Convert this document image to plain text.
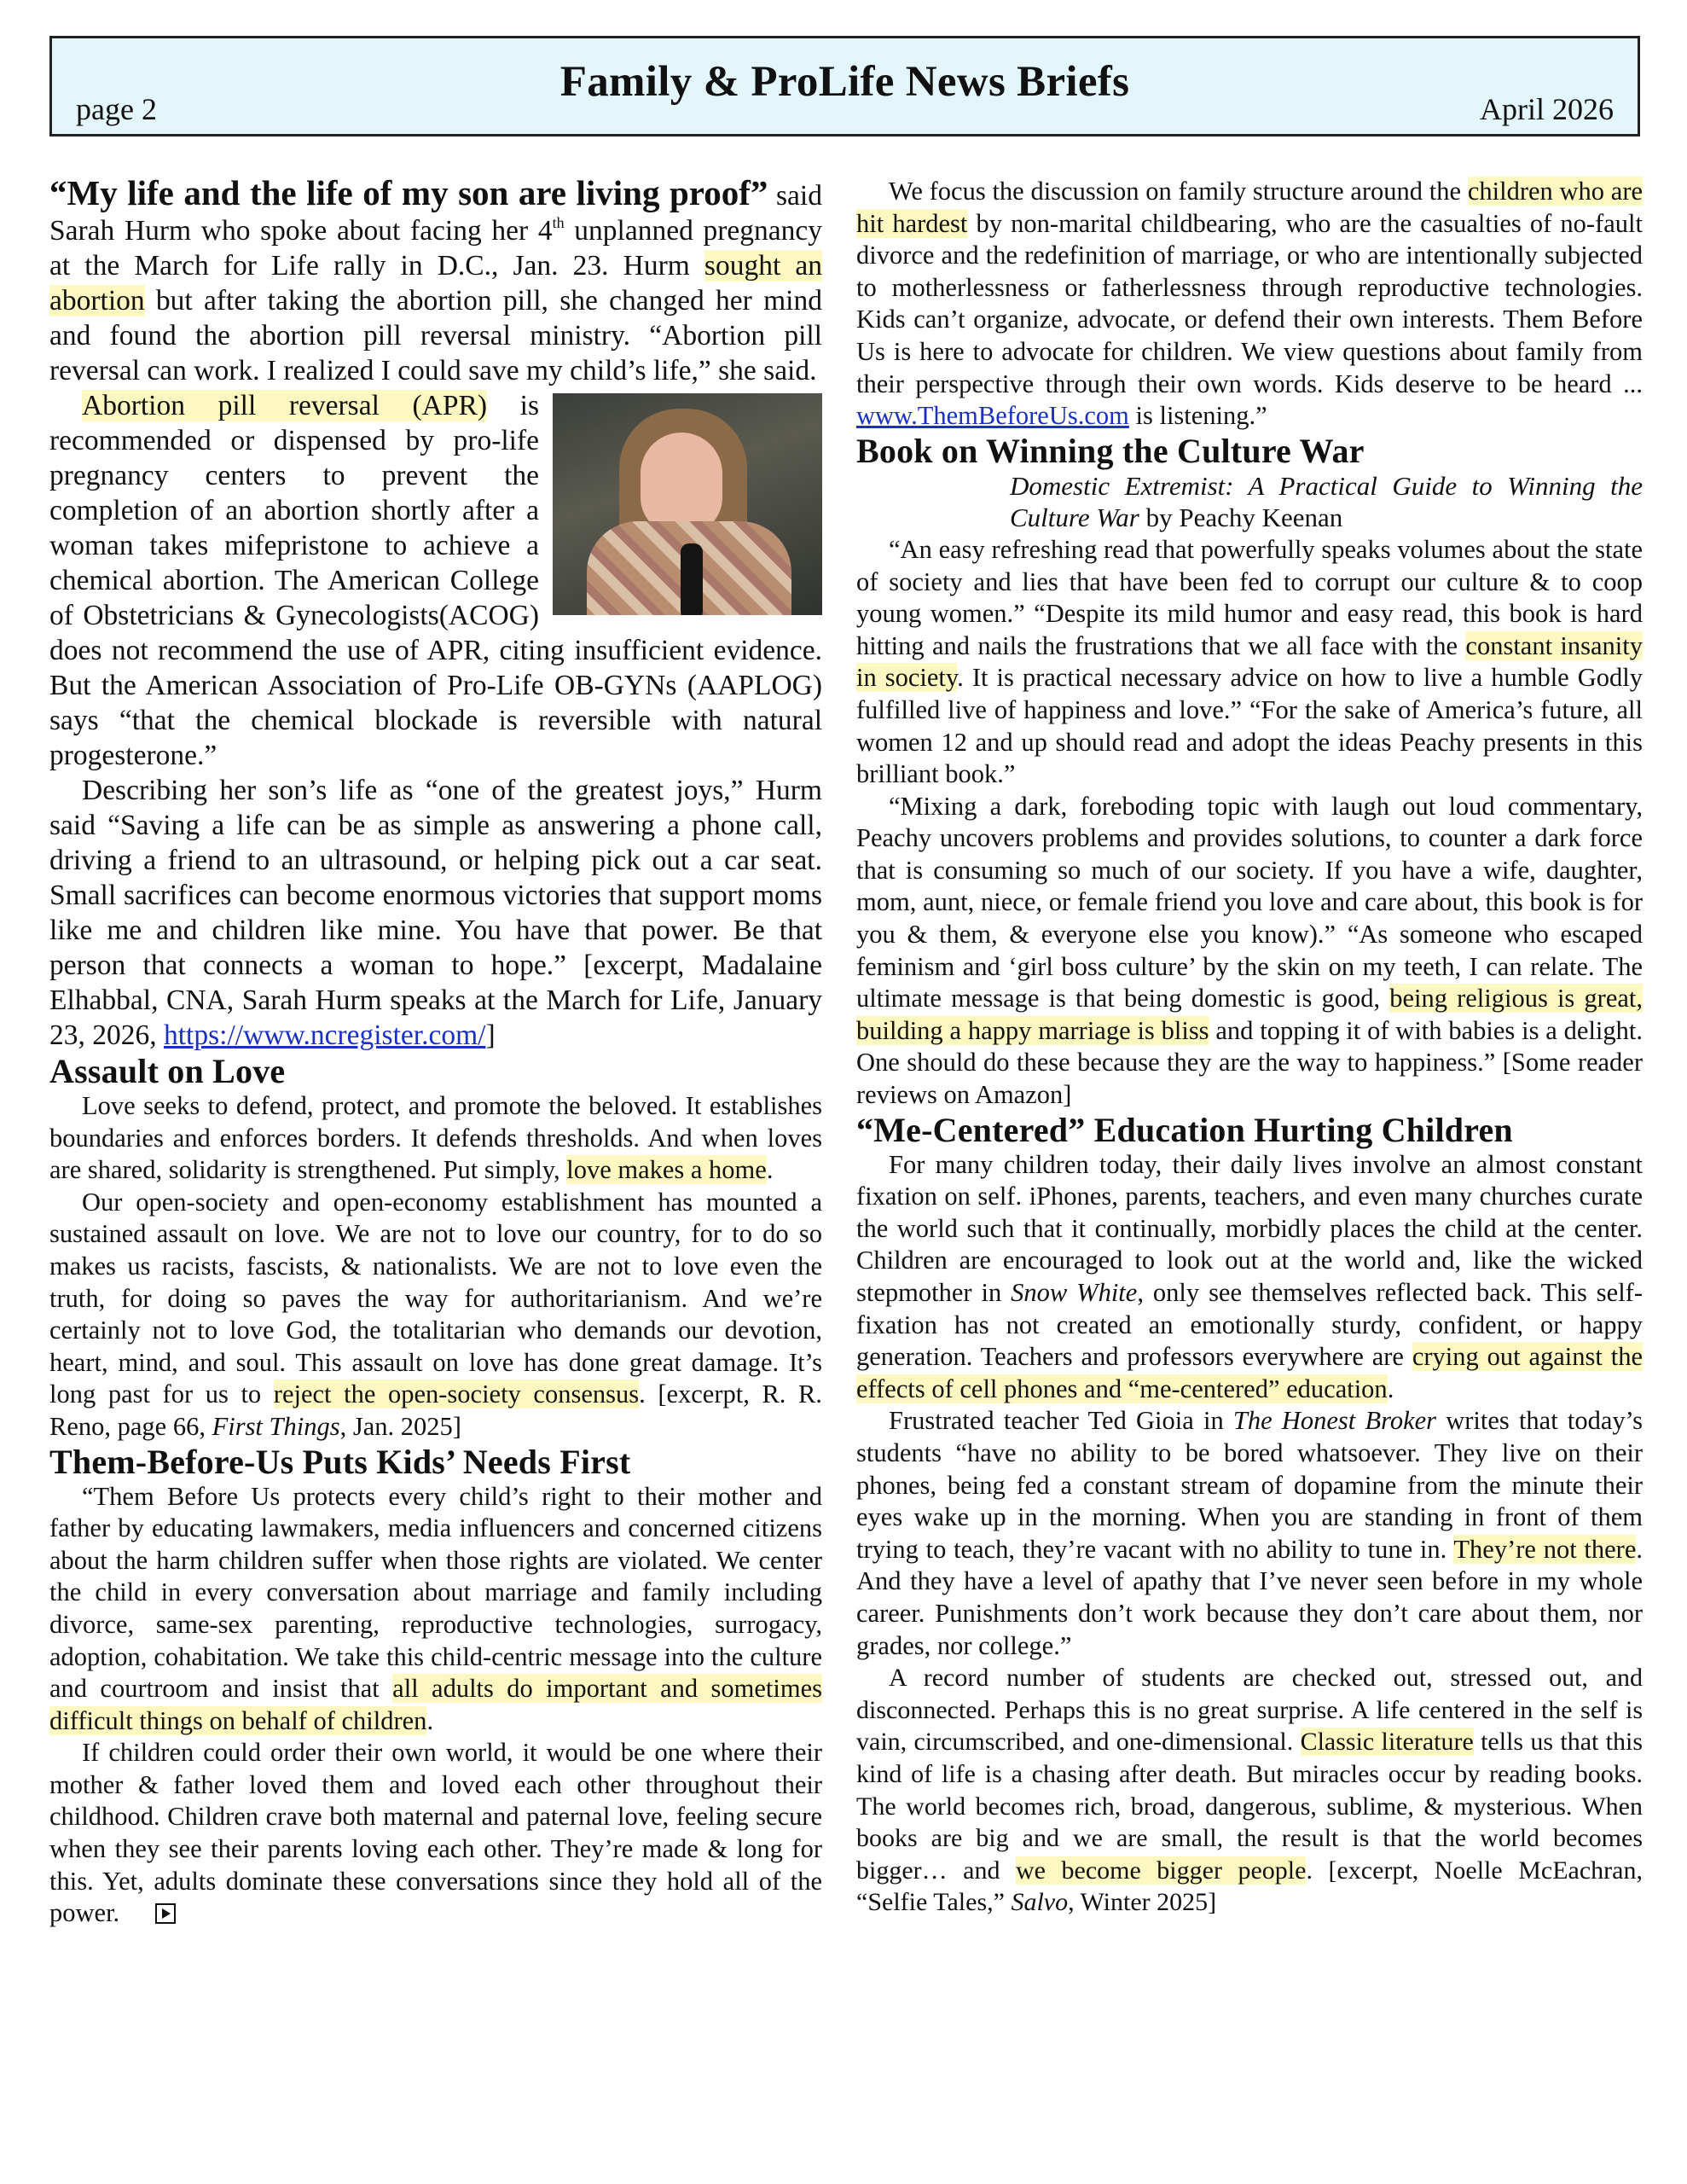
Family & ProLife News Briefs
page 2	April 2026

“My life and the life of my son are living proof” said Sarah Hurm who spoke about facing her 4th unplanned pregnancy at the March for Life rally in D.C., Jan. 23. Hurm sought an abortion but after taking the abortion pill, she changed her mind and found the abortion pill reversal ministry. “Abortion pill reversal can work. I realized I could save my child’s life,” she said.

Abortion pill reversal (APR)
is recommended or dispensed by pro-life pregnancy centers to prevent the completion of an abortion shortly after a woman takes mifepristone to achieve a chemical abortion. The American College of Obstetricians & Gynecologists(ACOG) does not recommend the use of APR, citing insufficient evidence. But the American Association of Pro-Life OB-GYNs (AAPLOG) says “that the chemical blockade is reversible with natural progesterone.”

Describing her son’s life as “one of the greatest joys,” Hurm said “Saving a life can be as simple as answering a phone call, driving a friend to an ultrasound, or helping pick out a car seat. Small sacrifices can become enormous victories that support moms like me and children like mine. You have that power. Be that person that connects a woman to hope.” [excerpt, Madalaine Elhabbal, CNA, Sarah Hurm speaks at the March for Life, January 23, 2026, https://www.ncregister.com/]

Assault on Love

Love seeks to defend, protect, and promote the beloved. It establishes boundaries and enforces borders. It defends thresholds. And when loves are shared, solidarity is strengthened. Put simply, love makes a home.

Our open-society and open-economy establishment has mounted a sustained assault on love. We are not to love our country, for to do so makes us racists, fascists, & nationalists. We are not to love even the truth, for doing so paves the way for authoritarianism. And we’re certainly not to love God, the totalitarian who demands our devotion, heart, mind, and soul. This assault on love has done great damage. It’s long past for us to reject the open-society consensus. [excerpt, R. R. Reno, page 66, First Things, Jan. 2025]

Them-Before-Us Puts Kids’ Needs First

“Them Before Us protects every child’s right to their mother and father by educating lawmakers, media influencers and concerned citizens about the harm children suffer when those rights are violated. We center the child in every conversation about marriage and family including divorce, same-sex parenting, reproductive technologies, surrogacy, adoption, cohabitation. We take this child-centric message into the culture and courtroom and insist that all adults do important and sometimes difficult things on behalf of children.

If children could order their own world, it would be one where their mother & father loved them and loved each other throughout their childhood. Children crave both maternal and paternal love, feeling secure when they see their parents loving each other. They’re made & long for this. Yet, adults dominate these conversations since they hold all of the power.

We focus the discussion on family structure around the children who are hit hardest by non-marital childbearing, who are the casualties of no-fault divorce and the redefinition of marriage, or who are intentionally subjected to motherlessness or fatherlessness through reproductive technologies. Kids can’t organize, advocate, or defend their own interests. Them Before Us is here to advocate for children. We view questions about family from their perspective through their own words. Kids deserve to be heard ... www.ThemBeforeUs.com is listening.”

Book on Winning the Culture War

Domestic Extremist: A Practical Guide to Winning the Culture War by Peachy Keenan

“An easy refreshing read that powerfully speaks volumes about the state of society and lies that have been fed to corrupt our culture & to coop young women.” “Despite its mild humor and easy read, this book is hard hitting and nails the frustrations that we all face with the constant insanity in society. It is practical necessary advice on how to live a humble Godly fulfilled live of happiness and love.” “For the sake of America’s future, all women 12 and up should read and adopt the ideas Peachy presents in this brilliant book.”

“Mixing a dark, foreboding topic with laugh out loud commentary, Peachy uncovers problems and provides solutions, to counter a dark force that is consuming so much of our society. If you have a wife, daughter, mom, aunt, niece, or female friend you love and care about, this book is for you & them, & everyone else you know).” “As someone who escaped feminism and ‘girl boss culture’ by the skin on my teeth, I can relate. The ultimate message is that being domestic is good, being religious is great, building a happy marriage is bliss and topping it of with babies is a delight. One should do these because they are the way to happiness.” [Some reader reviews on Amazon]

“Me-Centered” Education Hurting Children

For many children today, their daily lives involve an almost constant fixation on self. iPhones, parents, teachers, and even many churches curate the world such that it continually, morbidly places the child at the center. Children are encouraged to look out at the world and, like the wicked stepmother in Snow White, only see themselves reflected back. This self-fixation has not created an emotionally sturdy, confident, or happy generation. Teachers and professors everywhere are crying out against the effects of cell phones and “me-centered” education.

Frustrated teacher Ted Gioia in The Honest Broker writes that today’s students “have no ability to be bored whatsoever. They live on their phones, being fed a constant stream of dopamine from the minute their eyes wake up in the morning. When you are standing in front of them trying to teach, they’re vacant with no ability to tune in. They’re not there. And they have a level of apathy that I’ve never seen before in my whole career. Punishments don’t work because they don’t care about them, nor grades, nor college.”

A record number of students are checked out, stressed out, and disconnected. Perhaps this is no great surprise. A life centered in the self is vain, circumscribed, and one-dimensional. Classic literature tells us that this kind of life is a chasing after death. But miracles occur by reading books. The world becomes rich, broad, dangerous, sublime, & mysterious. When books are big and we are small, the result is that the world becomes bigger… and we become bigger people. [excerpt, Noelle McEachran, “Selfie Tales,” Salvo, Winter 2025]
